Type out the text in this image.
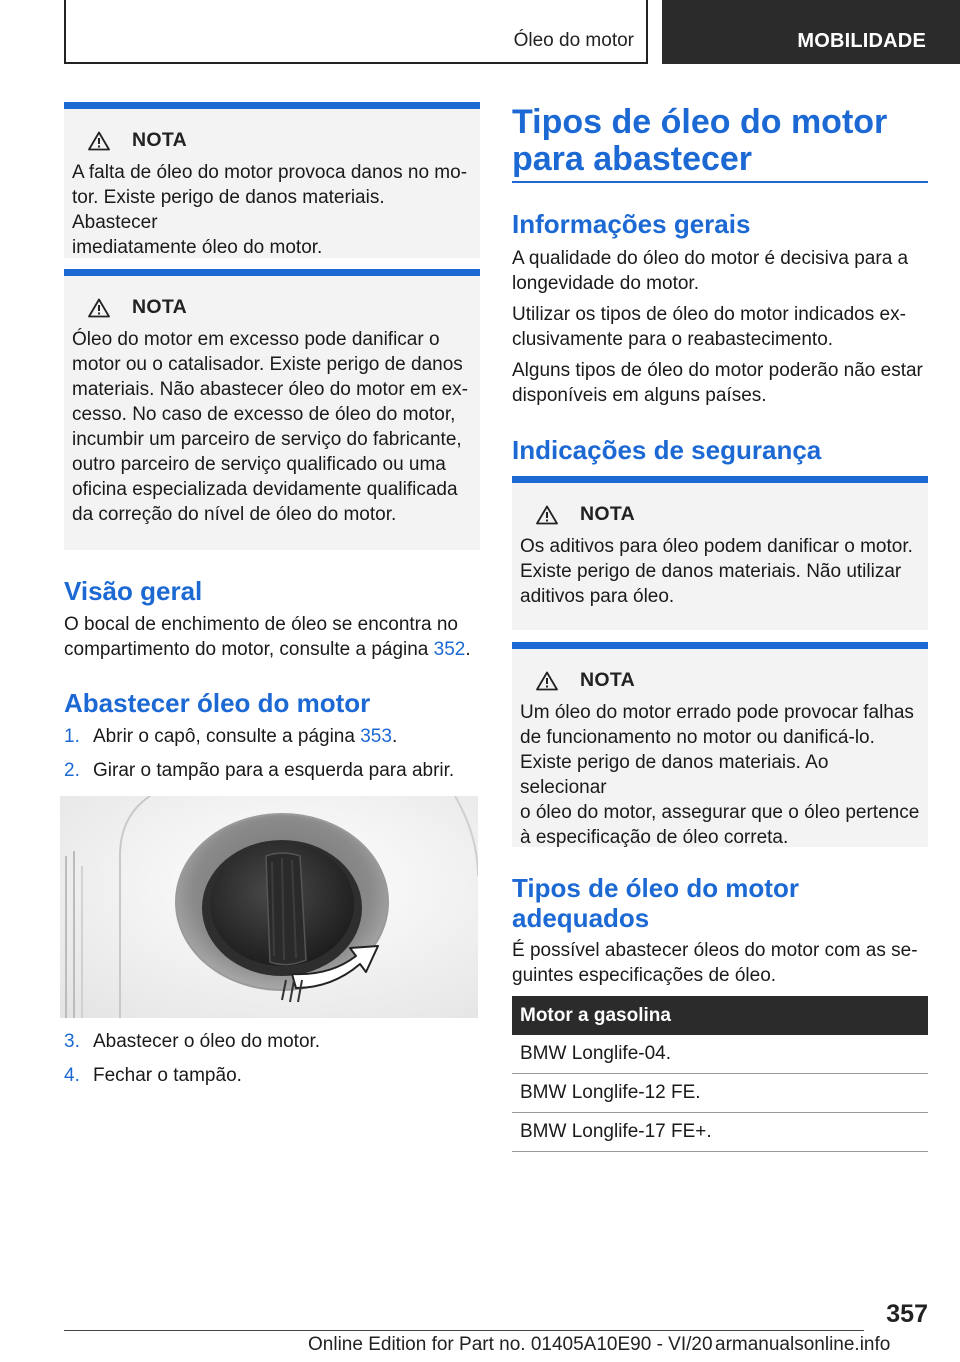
Óleo do motor	MOBILIDADE
NOTA
A falta de óleo do motor provoca danos no mo-
tor. Existe perigo de danos materiais. Abastecer
imediatamente óleo do motor.
NOTA
Óleo do motor em excesso pode danificar o
motor ou o catalisador. Existe perigo de danos
materiais. Não abastecer óleo do motor em ex-
cesso. No caso de excesso de óleo do motor,
incumbir um parceiro de serviço do fabricante,
outro parceiro de serviço qualificado ou uma
oficina especializada devidamente qualificada
da correção do nível de óleo do motor.
Visão geral
O bocal de enchimento de óleo se encontra no
compartimento do motor, consulte a página 352.
Abastecer óleo do motor
1. Abrir o capô, consulte a página 353.
2. Girar o tampão para a esquerda para abrir.
3. Abastecer o óleo do motor.
4. Fechar o tampão.
Tipos de óleo do motor
para abastecer
Informações gerais
A qualidade do óleo do motor é decisiva para a
longevidade do motor.
Utilizar os tipos de óleo do motor indicados ex-
clusivamente para o reabastecimento.
Alguns tipos de óleo do motor poderão não estar
disponíveis em alguns países.
Indicações de segurança
NOTA
Os aditivos para óleo podem danificar o motor.
Existe perigo de danos materiais. Não utilizar
aditivos para óleo.
NOTA
Um óleo do motor errado pode provocar falhas
de funcionamento no motor ou danificá-lo.
Existe perigo de danos materiais. Ao selecionar
o óleo do motor, assegurar que o óleo pertence
à especificação de óleo correta.
Tipos de óleo do motor
adequados
É possível abastecer óleos do motor com as se-
guintes especificações de óleo.
Motor a gasolina
BMW Longlife-04.
BMW Longlife-12 FE.
BMW Longlife-17 FE+.
357
Online Edition for Part no. 01405A10E90 - VI/20 armanualsonline.info
